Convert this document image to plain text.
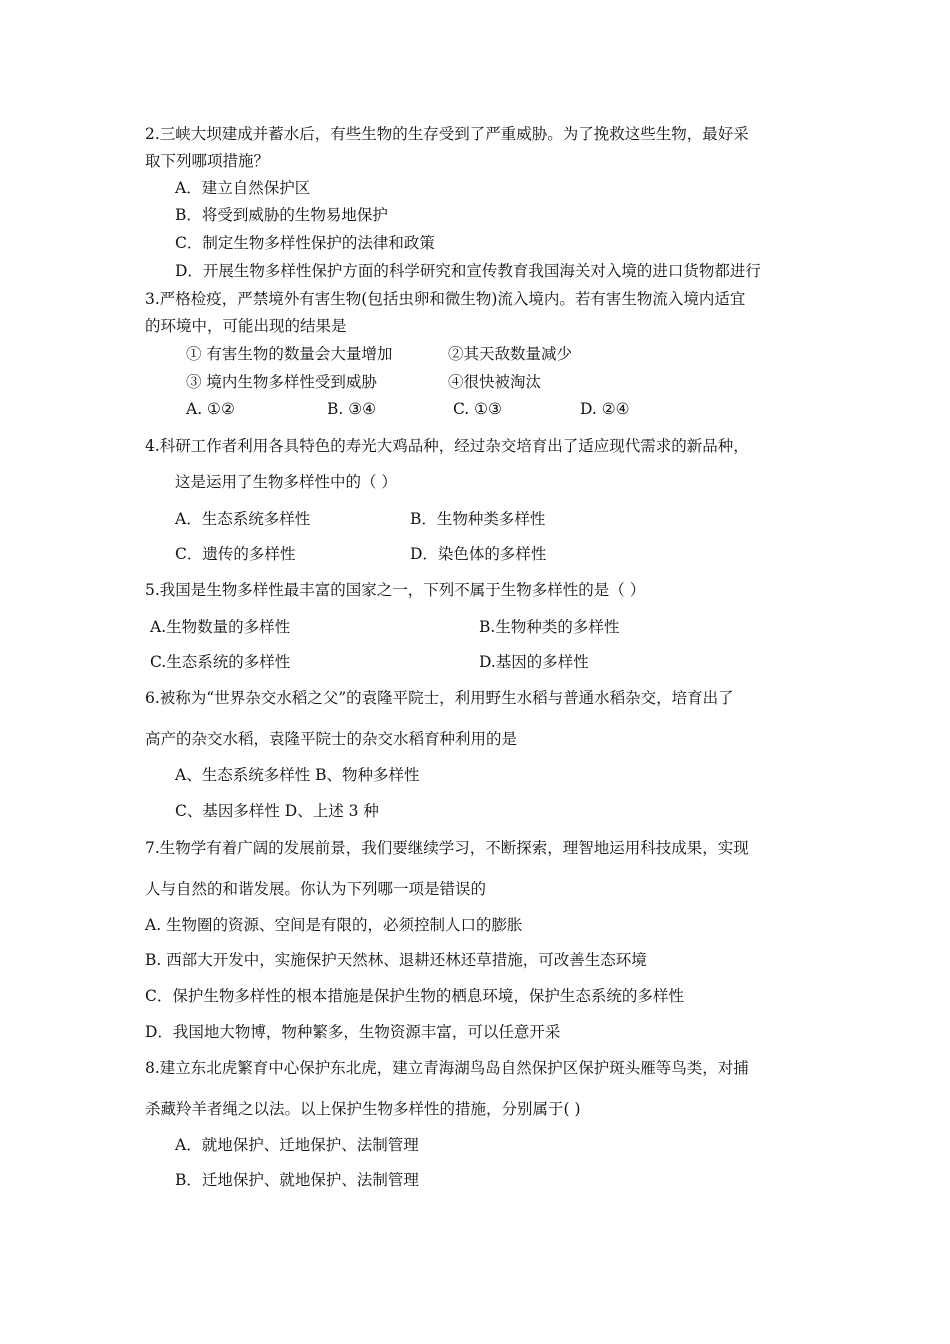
2.三峡大坝建成并蓄水后，有些生物的生存受到了严重威胁。为了挽救这些生物，最好采
取下列哪项措施？
A．建立自然保护区
B．将受到威胁的生物易地保护
C．制定生物多样性保护的法律和政策
D．开展生物多样性保护方面的科学研究和宣传教育我国海关对入境的进口货物都进行
3.严格检疫，严禁境外有害生物(包括虫卵和微生物)流入境内。若有害生物流入境内适宜
的环境中，可能出现的结果是
① 有害生物的数量会大量增加	②其天敌数量减少
③ 境内生物多样性受到威胁	④很快被淘汰
A. ①②	B. ③④	C. ①③	D. ②④
4.科研工作者利用各具特色的寿光大鸡品种，经过杂交培育出了适应现代需求的新品种，
这是运用了生物多样性中的（ ）
A．生态系统多样性	B．生物种类多样性
C．遗传的多样性	D．染色体的多样性
5.我国是生物多样性最丰富的国家之一，下列不属于生物多样性的是（ ）
A.生物数量的多样性	B.生物种类的多样性
C.生态系统的多样性	D.基因的多样性
6.被称为“世界杂交水稻之父”的袁隆平院士，利用野生水稻与普通水稻杂交，培育出了
高产的杂交水稻，袁隆平院士的杂交水稻育种利用的是
A、生态系统多样性 B、物种多样性
C、基因多样性 D、上述 3 种
7.生物学有着广阔的发展前景，我们要继续学习，不断探索，理智地运用科技成果，实现
人与自然的和谐发展。你认为下列哪一项是错误的
A. 生物圈的资源、空间是有限的，必须控制人口的膨胀
B. 西部大开发中，实施保护天然林、退耕还林还草措施，可改善生态环境
C．保护生物多样性的根本措施是保护生物的栖息环境，保护生态系统的多样性
D．我国地大物博，物种繁多，生物资源丰富，可以任意开采
8.建立东北虎繁育中心保护东北虎，建立青海湖鸟岛自然保护区保护斑头雁等鸟类，对捕
杀藏羚羊者绳之以法。以上保护生物多样性的措施，分别属于( )
A．就地保护、迁地保护、法制管理
B．迁地保护、就地保护、法制管理
